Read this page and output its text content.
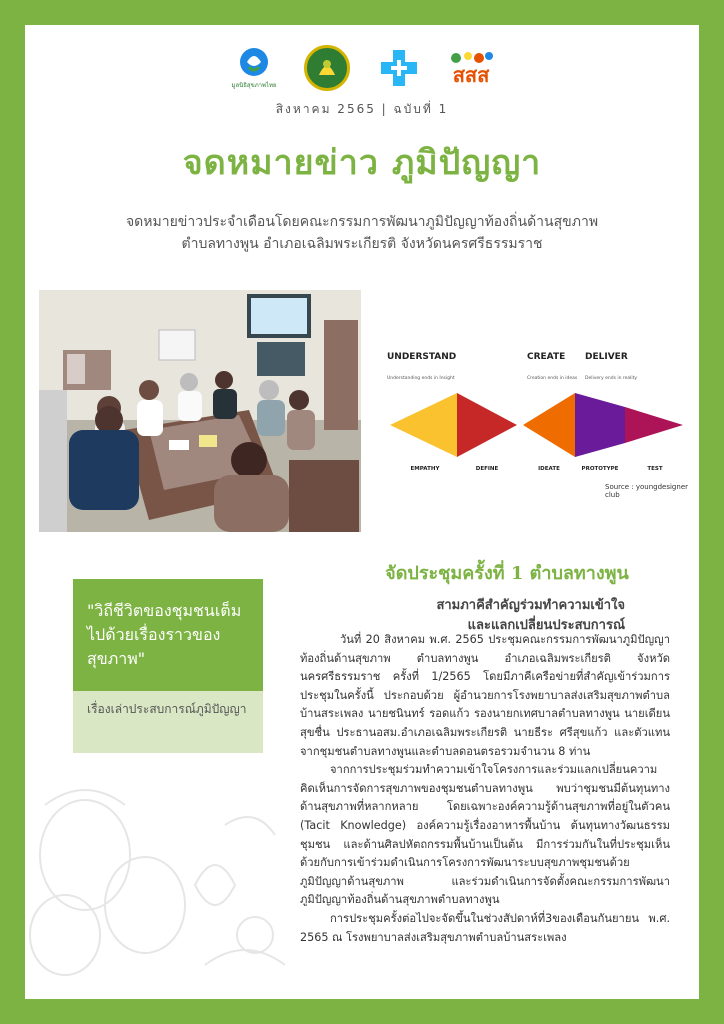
มูลนิธิสุขภาพไทย	สสส
สิงหาคม 2565 | ฉบับที่ 1
จดหมายข่าว ภูมิปัญญา
จดหมายข่าวประจำเดือนโดยคณะกรรมการพัฒนาภูมิปัญญาท้องถิ่นด้านสุขภาพ
ตำบลทางพูน อำเภอเฉลิมพระเกียรติ จังหวัดนครศรีธรรมราช
UNDERSTAND	CREATE DELIVER
Understanding ends in Insight	Creation ends in ideas Delivery ends in reality
EMPATHY	DEFINE	IDEATE	PROTOTYPE	TEST
Source : youngdesigner club
จัดประชุมครั้งที่ 1 ตำบลทางพูน
สามภาคีสำคัญร่วมทำความเข้าใจ
และแลกเปลี่ยนประสบการณ์

วันที่ 20 สิงหาคม พ.ศ. 2565 ประชุมคณะกรรมการพัฒนาภูมิปัญญาท้องถิ่นด้านสุขภาพ ตำบลทางพูน อำเภอเฉลิมพระเกียรติ จังหวัดนครศรีธรรมราช ครั้งที่ 1/2565 โดยมีภาคีเครือข่ายที่สำคัญเข้าร่วมการประชุมในครั้งนี้ ประกอบด้วย ผู้อำนวยการโรงพยาบาลส่งเสริมสุขภาพตำบลบ้านสระเพลง นายชนินทร์ รอดแก้ว รองนายกเทศบาลตำบลทางพูน นายเดียน สุขชื่น ประธานอสม.อำเภอเฉลิมพระเกียรติ นายธีระ ศรีสุขแก้ว และตัวแทนจากชุมชนตำบลทางพูนและตำบลดอนตรอรวมจำนวน 8 ท่าน

จากการประชุมร่วมทำความเข้าใจโครงการและร่วมแลกเปลี่ยนความคิดเห็นการจัดการสุขภาพของชุมชนตำบลทางพูน พบว่าชุมชนมีต้นทุนทางด้านสุขภาพที่หลากหลาย โดยเฉพาะองค์ความรู้ด้านสุขภาพที่อยู่ในตัวคน (Tacit Knowledge) องค์ความรู้เรื่องอาหารพื้นบ้าน ต้นทุนทางวัฒนธรรมชุมชน และด้านศิลปหัตถกรรมพื้นบ้านเป็นต้น มีการร่วมกันในที่ประชุมเห็นด้วยกับการเข้าร่วมดำเนินการโครงการพัฒนาระบบสุขภาพชุมชนด้วยภูมิปัญญาด้านสุขภาพ และร่วมดำเนินการจัดตั้งคณะกรรมการพัฒนาภูมิปัญญาท้องถิ่นด้านสุขภาพตำบลทางพูน

การประชุมครั้งต่อไปจะจัดขึ้นในช่วงสัปดาห์ที่3ของเดือนกันยายน พ.ศ. 2565 ณ โรงพยาบาลส่งเสริมสุขภาพตำบลบ้านสระเพลง

"วิถีชีวิตของชุมชนเต็มไปด้วยเรื่องราวของสุขภาพ"
เรื่องเล่าประสบการณ์ภูมิปัญญา
